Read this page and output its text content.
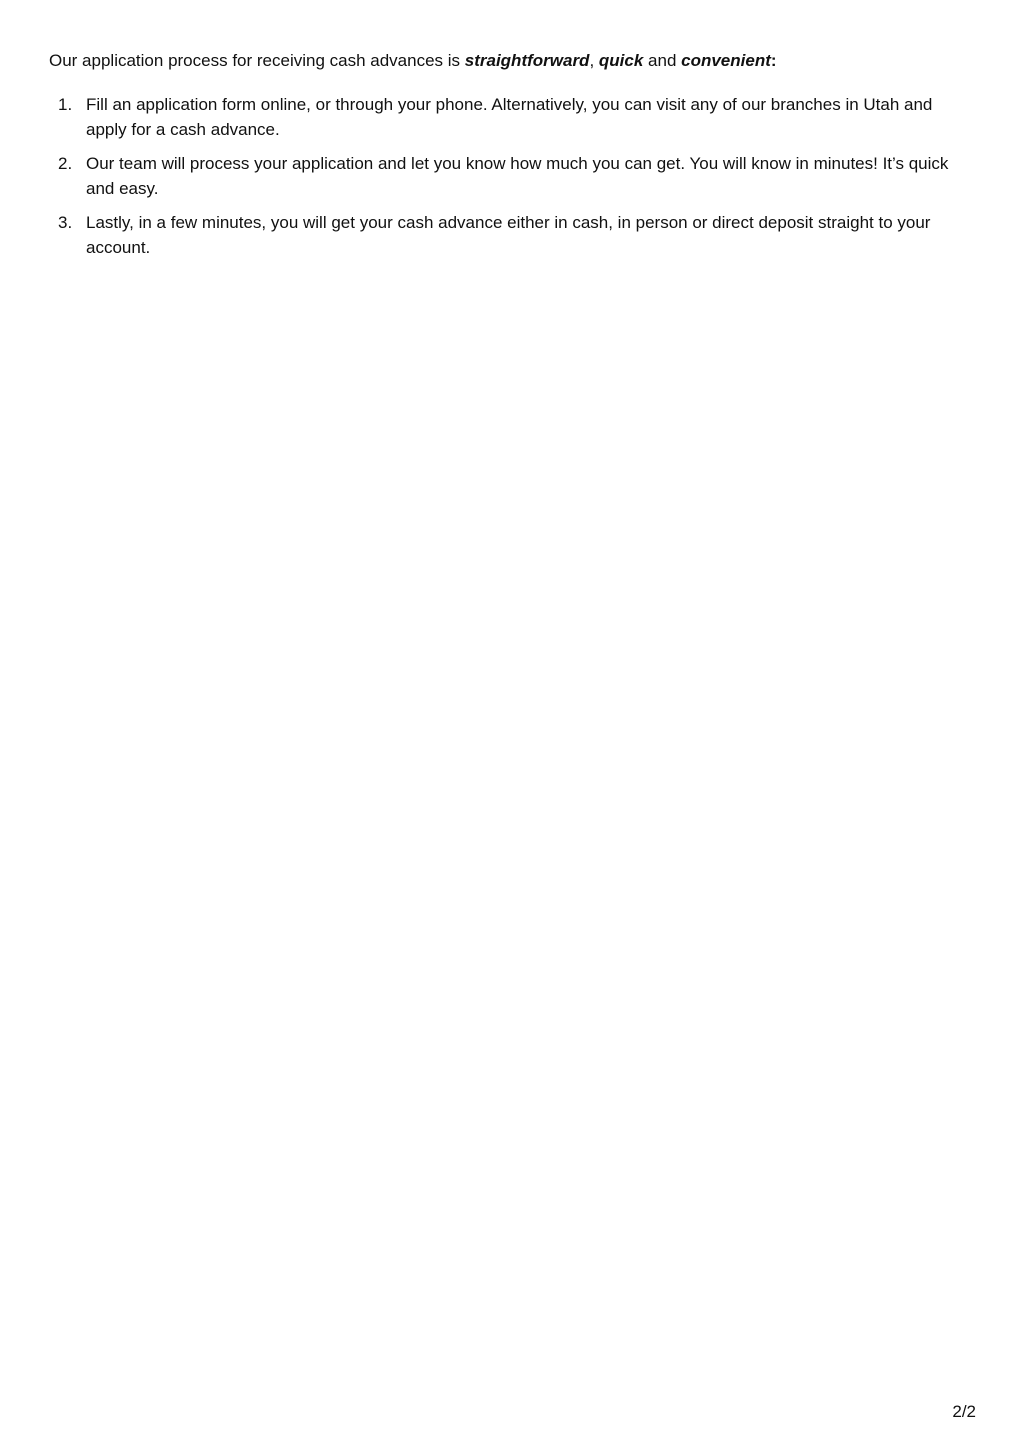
Our application process for receiving cash advances is straightforward, quick and convenient:

1. Fill an application form online, or through your phone. Alternatively, you can visit any of our branches in Utah and apply for a cash advance.
2. Our team will process your application and let you know how much you can get. You will know in minutes! It’s quick and easy.
3. Lastly, in a few minutes, you will get your cash advance either in cash, in person or direct deposit straight to your account.
2/2
